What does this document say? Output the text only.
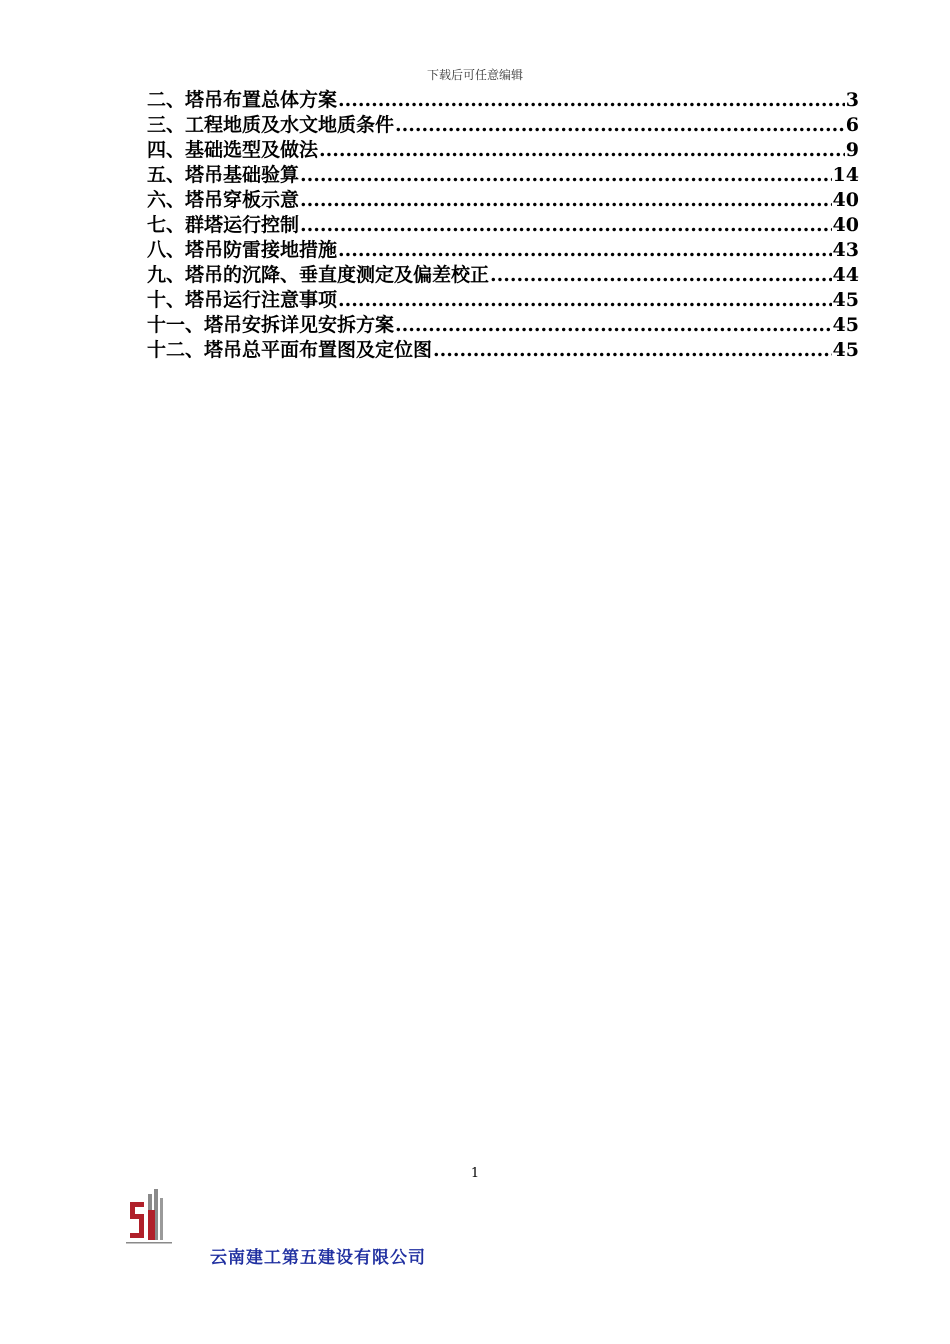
下载后可任意编辑
二、塔吊布置总体方案 .....	3
三、工程地质及水文地质条件 .....	6
四、基础选型及做法 .....	9
五、塔吊基础验算 .....	14
六、塔吊穿板示意 .....	40
七、群塔运行控制 .....	40
八、塔吊防雷接地措施 .....	43
九、塔吊的沉降、垂直度测定及偏差校正 .....	44
十、塔吊运行注意事项 .....	45
十一、塔吊安拆详见安拆方案 .....	45
十二、塔吊总平面布置图及定位图 .....	45
1
云南建工第五建设有限公司
